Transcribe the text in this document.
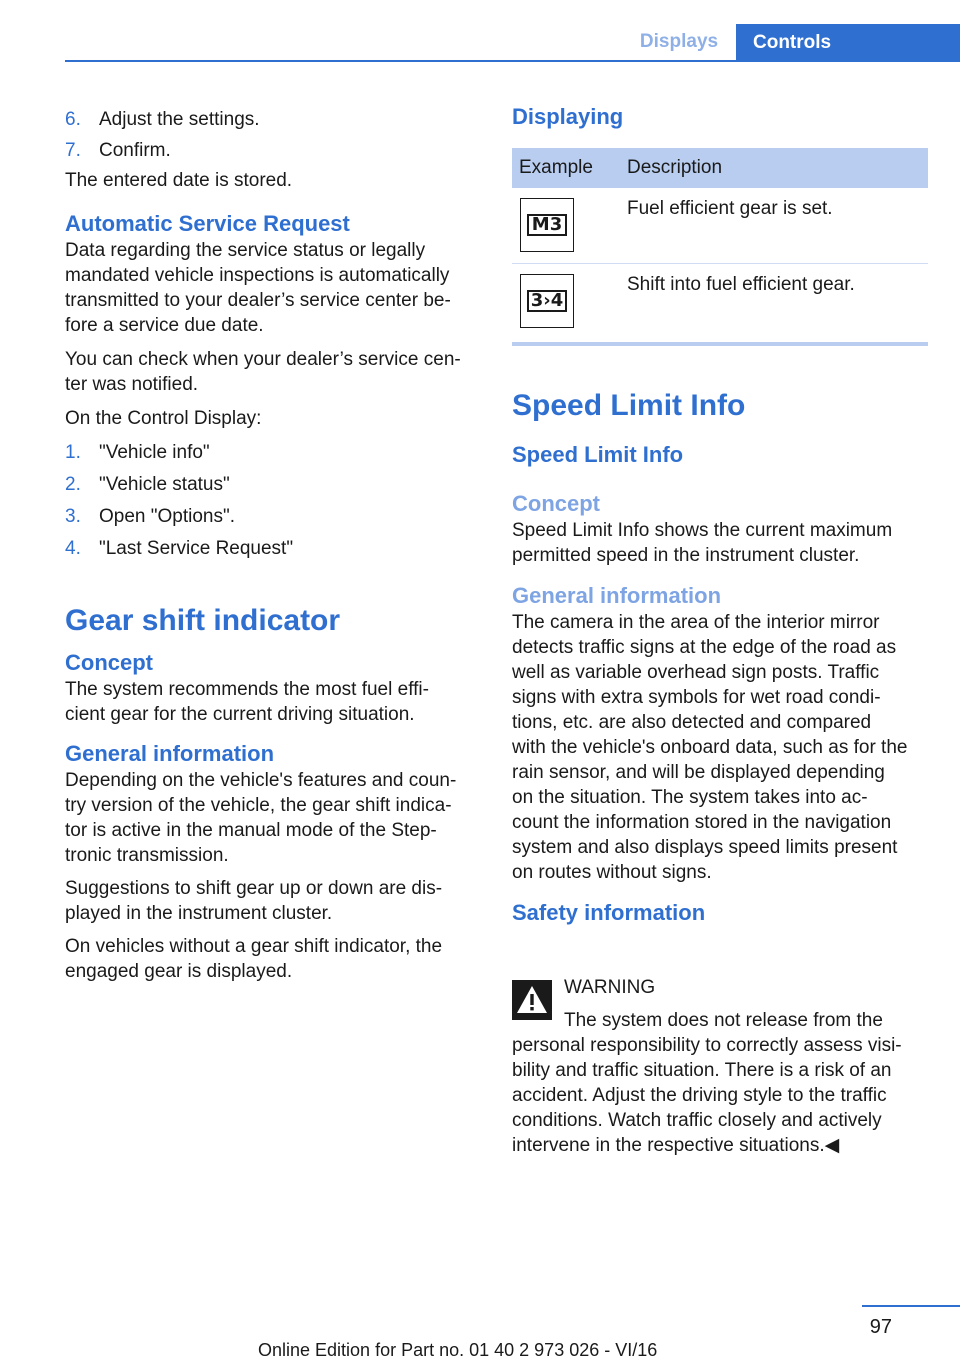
Displays	Controls
6. Adjust the settings.
7. Confirm.
The entered date is stored.
Automatic Service Request
Data regarding the service status or legally
mandated vehicle inspections is automatically
transmitted to your dealer’s service center be‐
fore a service due date.
You can check when your dealer’s service cen‐
ter was notified.
On the Control Display:
1. "Vehicle info"
2. "Vehicle status"
3. Open "Options".
4. "Last Service Request"
Gear shift indicator
Concept
The system recommends the most fuel effi‐
cient gear for the current driving situation.
General information
Depending on the vehicle's features and coun‐
try version of the vehicle, the gear shift indica‐
tor is active in the manual mode of the Step‐
tronic transmission.
Suggestions to shift gear up or down are dis‐
played in the instrument cluster.
On vehicles without a gear shift indicator, the
engaged gear is displayed.
Displaying
Example Description
M3
Fuel efficient gear is set.
3›4
Shift into fuel efficient gear.
Speed Limit Info
Speed Limit Info
Concept
Speed Limit Info shows the current maximum
permitted speed in the instrument cluster.
General information
The camera in the area of the interior mirror
detects traffic signs at the edge of the road as
well as variable overhead sign posts. Traffic
signs with extra symbols for wet road condi‐
tions, etc. are also detected and compared
with the vehicle's onboard data, such as for the
rain sensor, and will be displayed depending
on the situation. The system takes into ac‐
count the information stored in the navigation
system and also displays speed limits present
on routes without signs.
Safety information
WARNING
The system does not release from the
personal responsibility to correctly assess visi‐
bility and traffic situation. There is a risk of an
accident. Adjust the driving style to the traffic
conditions. Watch traffic closely and actively
intervene in the respective situations.◀
97
Online Edition for Part no. 01 40 2 973 026 - VI/16
